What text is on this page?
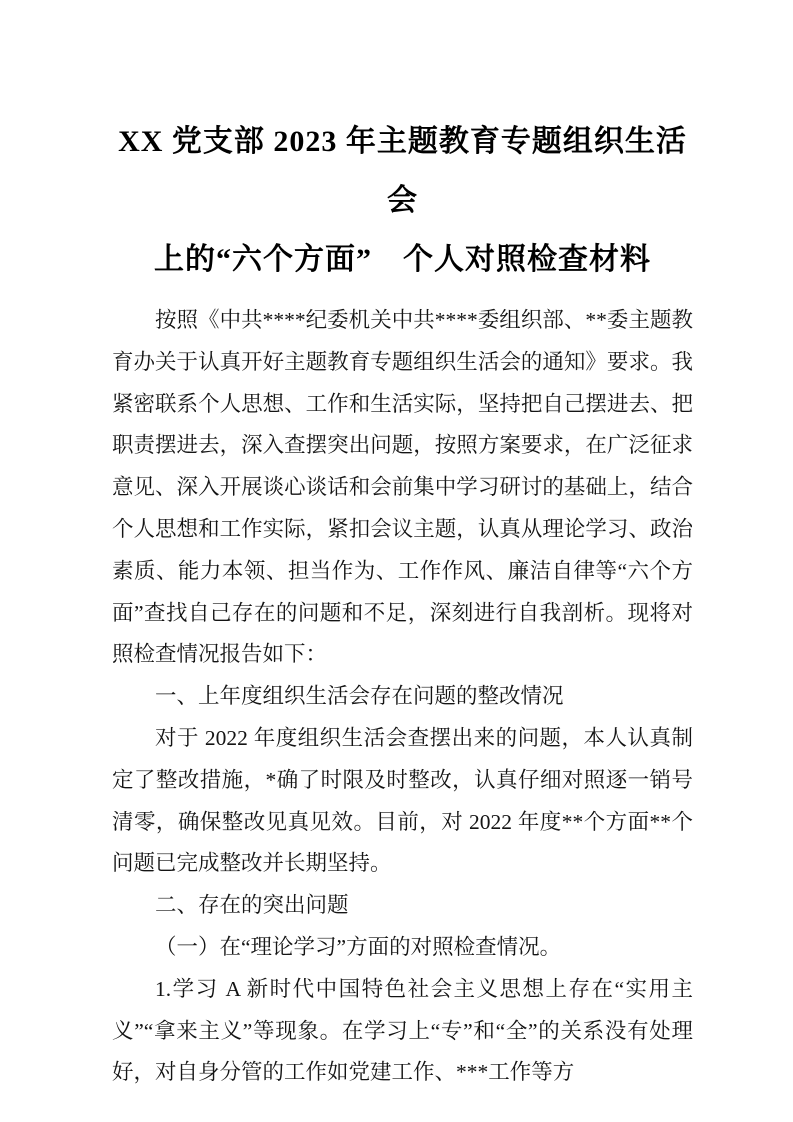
XX 党支部 2023 年主题教育专题组织生活会
上的“六个方面”　个人对照检查材料

按照《中共****纪委机关中共****委组织部、**委主题教育办关于认真开好主题教育专题组织生活会的通知》要求。我紧密联系个人思想、工作和生活实际，坚持把自己摆进去、把职责摆进去，深入查摆突出问题，按照方案要求，在广泛征求意见、深入开展谈心谈话和会前集中学习研讨的基础上，结合个人思想和工作实际，紧扣会议主题，认真从理论学习、政治素质、能力本领、担当作为、工作作风、廉洁自律等“六个方面”查找自己存在的问题和不足，深刻进行自我剖析。现将对照检查情况报告如下：

一、上年度组织生活会存在问题的整改情况

对于 2022 年度组织生活会查摆出来的问题，本人认真制定了整改措施，*确了时限及时整改，认真仔细对照逐一销号清零，确保整改见真见效。目前，对 2022 年度**个方面**个问题已完成整改并长期坚持。

二、存在的突出问题

（一）在“理论学习”方面的对照检查情况。

1.学习 A 新时代中国特色社会主义思想上存在“实用主义”“拿来主义”等现象。在学习上“专”和“全”的关系没有处理好，对自身分管的工作如党建工作、***工作等方
